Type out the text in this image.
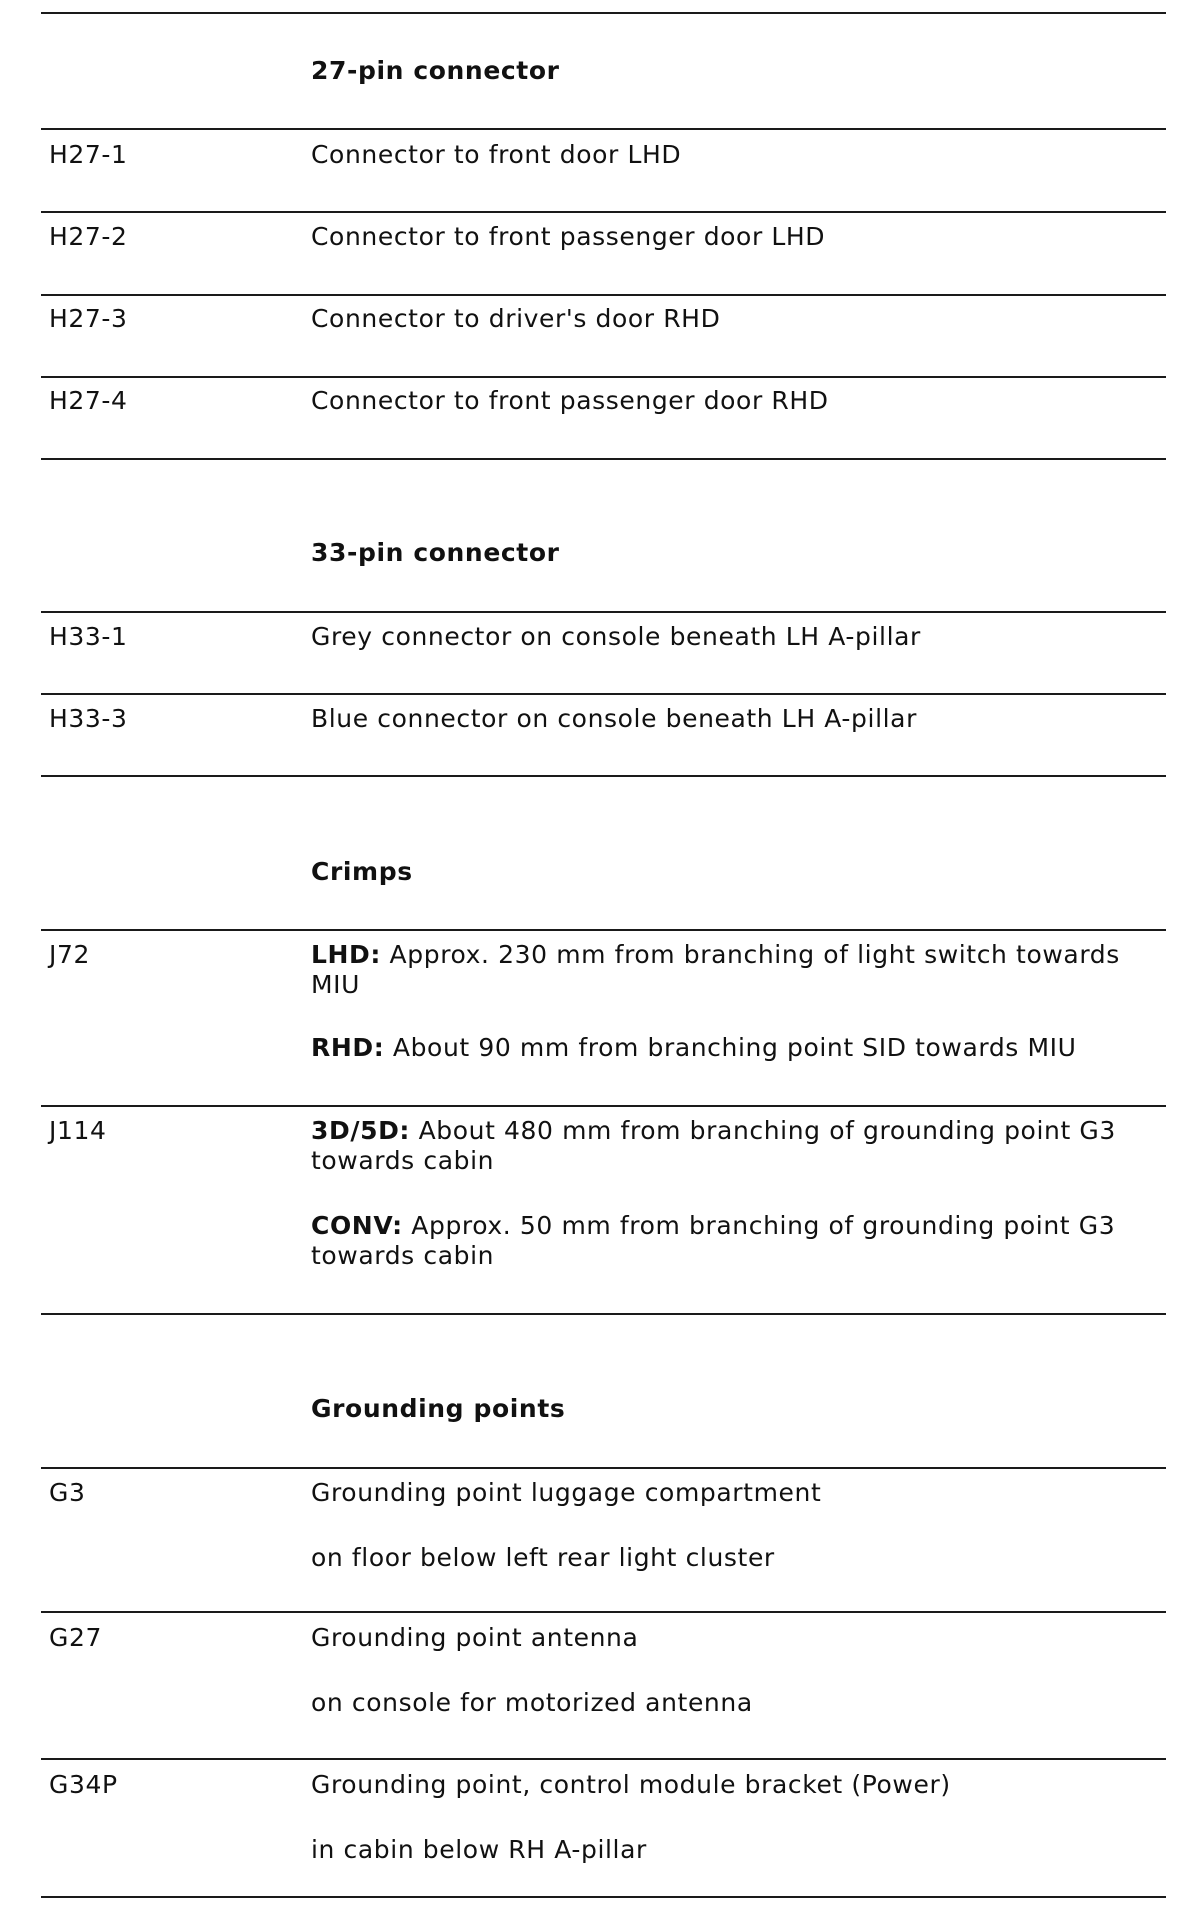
27-pin connector
H27-1	Connector to front door LHD
H27-2	Connector to front passenger door LHD
H27-3	Connector to driver's door RHD
H27-4	Connector to front passenger door RHD
33-pin connector
H33-1	Grey connector on console beneath LH A-pillar
H33-3	Blue connector on console beneath LH A-pillar
Crimps
J72	LHD: Approx. 230 mm from branching of light switch towards MIU
RHD: About 90 mm from branching point SID towards MIU
J114	3D/5D: About 480 mm from branching of grounding point G3 towards cabin
CONV: Approx. 50 mm from branching of grounding point G3 towards cabin
Grounding points
G3	Grounding point luggage compartment
on floor below left rear light cluster
G27	Grounding point antenna
on console for motorized antenna
G34P	Grounding point, control module bracket (Power)
in cabin below RH A-pillar
